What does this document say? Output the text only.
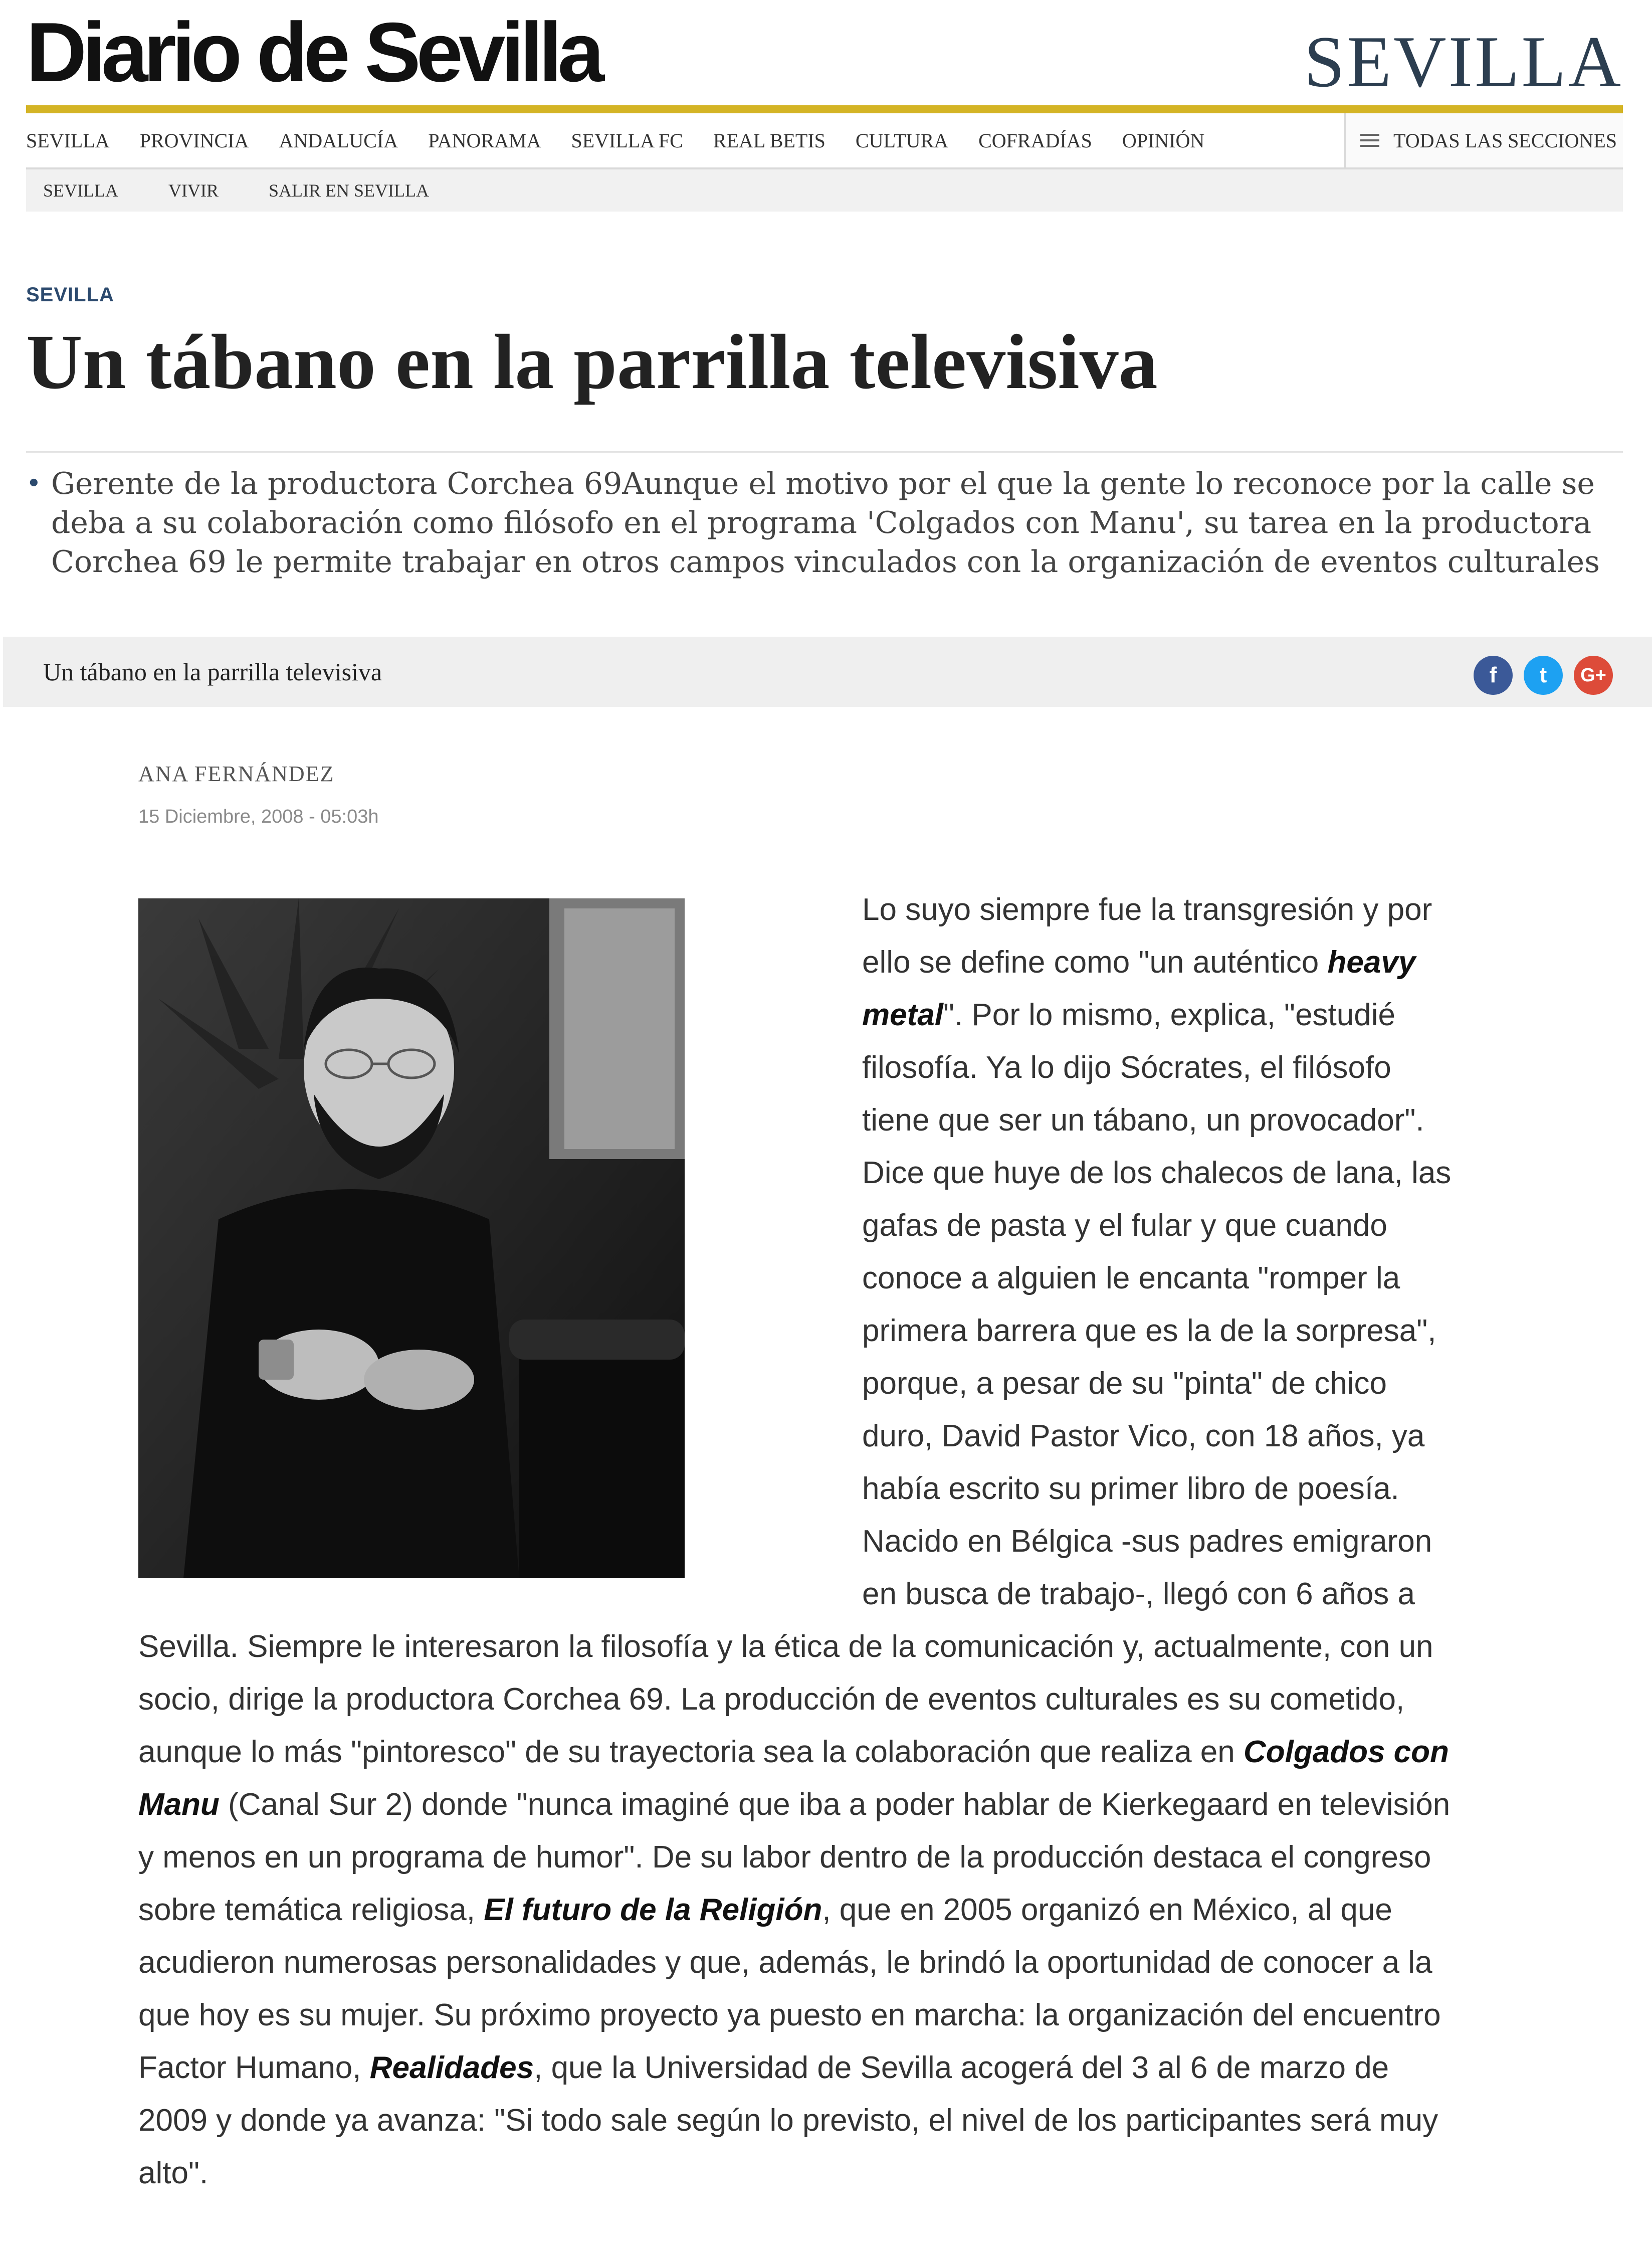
Diario de Sevilla	SEVILLA
SEVILLA PROVINCIA ANDALUCÍA PANORAMA SEVILLA FC REAL BETIS CULTURA COFRADÍAS OPINIÓN	TODAS LAS SECCIONES
SEVILLA	VIVIR	SALIR EN SEVILLA
SEVILLA
Un tábano en la parrilla televisiva
• Gerente de la productora Corchea 69Aunque el motivo por el que la gente lo reconoce por la calle se deba a su colaboración como filósofo en el programa 'Colgados con Manu', su tarea en la productora Corchea 69 le permite trabajar en otros campos vinculados con la organización de eventos culturales
Un tábano en la parrilla televisiva	f	t	G+
ANA FERNÁNDEZ
15 Diciembre, 2008 - 05:03h

Lo suyo siempre fue la transgresión y por ello se define como "un auténtico heavy metal". Por lo mismo, explica, "estudié filosofía. Ya lo dijo Sócrates, el filósofo tiene que ser un tábano, un provocador". Dice que huye de los chalecos de lana, las gafas de pasta y el fular y que cuando conoce a alguien le encanta "romper la primera barrera que es la de la sorpresa", porque, a pesar de su "pinta" de chico duro, David Pastor Vico, con 18 años, ya había escrito su primer libro de poesía. Nacido en Bélgica -sus padres emigraron en busca de trabajo-, llegó con 6 años a Sevilla. Siempre le interesaron la filosofía y la ética de la comunicación y, actualmente, con un socio, dirige la productora Corchea 69. La producción de eventos culturales es su cometido, aunque lo más "pintoresco" de su trayectoria sea la colaboración que realiza en Colgados con Manu (Canal Sur 2) donde "nunca imaginé que iba a poder hablar de Kierkegaard en televisión y menos en un programa de humor". De su labor dentro de la producción destaca el congreso sobre temática religiosa, El futuro de la Religión, que en 2005 organizó en México, al que acudieron numerosas personalidades y que, además, le brindó la oportunidad de conocer a la que hoy es su mujer. Su próximo proyecto ya puesto en marcha: la organización del encuentro Factor Humano, Realidades, que la Universidad de Sevilla acogerá del 3 al 6 de marzo de 2009 y donde ya avanza: "Si todo sale según lo previsto, el nivel de los participantes será muy alto".
